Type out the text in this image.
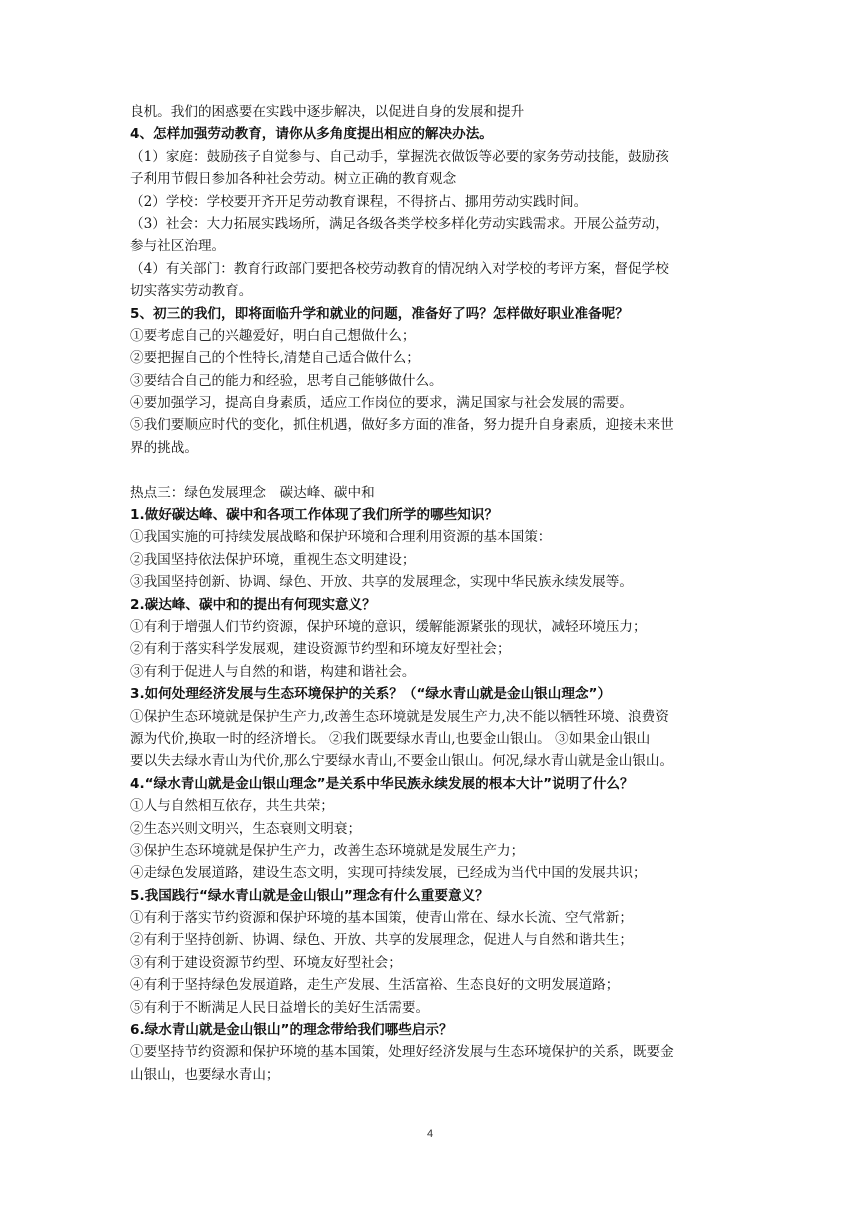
良机。我们的困惑要在实践中逐步解决，以促进自身的发展和提升
4、怎样加强劳动教育，请你从多角度提出相应的解决办法。
（1）家庭：鼓励孩子自觉参与、自己动手，掌握洗衣做饭等必要的家务劳动技能，鼓励孩
子利用节假日参加各种社会劳动。树立正确的教育观念
（2）学校：学校要开齐开足劳动教育课程，不得挤占、挪用劳动实践时间。
（3）社会：大力拓展实践场所，满足各级各类学校多样化劳动实践需求。开展公益劳动，
参与社区治理。
（4）有关部门：教育行政部门要把各校劳动教育的情况纳入对学校的考评方案，督促学校
切实落实劳动教育。
5、初三的我们，即将面临升学和就业的问题，准备好了吗？怎样做好职业准备呢？
①要考虑自己的兴趣爱好，明白自己想做什么；
②要把握自己的个性特长,清楚自己适合做什么；
③要结合自己的能力和经验，思考自己能够做什么。
④要加强学习，提高自身素质，适应工作岗位的要求，满足国家与社会发展的需要。
⑤我们要顺应时代的变化，抓住机遇，做好多方面的准备，努力提升自身素质，迎接未来世
界的挑战。
热点三：绿色发展理念　碳达峰、碳中和
1.做好碳达峰、碳中和各项工作体现了我们所学的哪些知识？
①我国实施的可持续发展战略和保护环境和合理利用资源的基本国策：
②我国坚持依法保护环境，重视生态文明建设；
③我国坚持创新、协调、绿色、开放、共享的发展理念，实现中华民族永续发展等。
2.碳达峰、碳中和的提出有何现实意义？
①有利于增强人们节约资源，保护环境的意识，缓解能源紧张的现状，减轻环境压力；
②有利于落实科学发展观，建设资源节约型和环境友好型社会；
③有利于促进人与自然的和谐，构建和谐社会。
3.如何处理经济发展与生态环境保护的关系？（“绿水青山就是金山银山理念”）
①保护生态环境就是保护生产力,改善生态环境就是发展生产力,决不能以牺牲环境、浪费资
源为代价,换取一时的经济增长。 ②我们既要绿水青山,也要金山银山。 ③如果金山银山
要以失去绿水青山为代价,那么宁要绿水青山,不要金山银山。何况,绿水青山就是金山银山。
4.“绿水青山就是金山银山理念”是关系中华民族永续发展的根本大计”说明了什么？
①人与自然相互依存，共生共荣；
②生态兴则文明兴，生态衰则文明衰；
③保护生态环境就是保护生产力，改善生态环境就是发展生产力；
④走绿色发展道路，建设生态文明，实现可持续发展，已经成为当代中国的发展共识；
5.我国践行“绿水青山就是金山银山”理念有什么重要意义？
①有利于落实节约资源和保护环境的基本国策，使青山常在、绿水长流、空气常新；
②有利于坚持创新、协调、绿色、开放、共享的发展理念，促进人与自然和谐共生；
③有利于建设资源节约型、环境友好型社会；
④有利于坚持绿色发展道路，走生产发展、生活富裕、生态良好的文明发展道路；
⑤有利于不断满足人民日益增长的美好生活需要。
6.绿水青山就是金山银山”的理念带给我们哪些启示？
①要坚持节约资源和保护环境的基本国策，处理好经济发展与生态环境保护的关系，既要金
山银山，也要绿水青山；
4
